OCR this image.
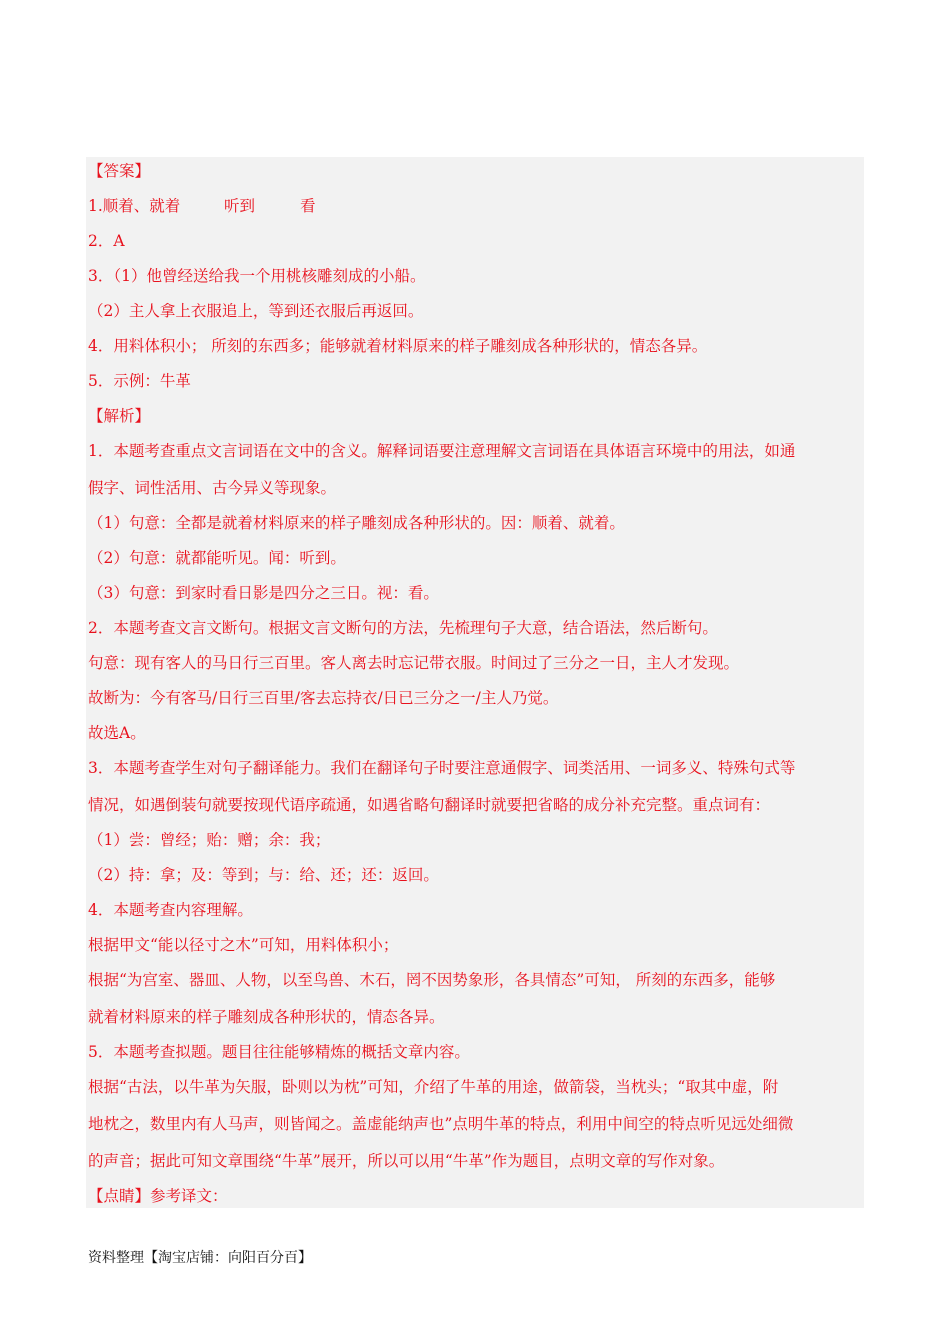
【答案】
1.顺着、就着	听到	看
2．A
3．（1）他曾经送给我一个用桃核雕刻成的小船。
（2）主人拿上衣服追上，等到还衣服后再返回。
4．用料体积小； 所刻的东西多；能够就着材料原来的样子雕刻成各种形状的，情态各异。
5．示例：牛革
【解析】
1．本题考查重点文言词语在文中的含义。解释词语要注意理解文言词语在具体语言环境中的用法，如通
假字、词性活用、古今异义等现象。
（1）句意：全都是就着材料原来的样子雕刻成各种形状的。因：顺着、就着。
（2）句意：就都能听见。闻：听到。
（3）句意：到家时看日影是四分之三日。视：看。
2．本题考查文言文断句。根据文言文断句的方法，先梳理句子大意，结合语法，然后断句。
句意：现有客人的马日行三百里。客人离去时忘记带衣服。时间过了三分之一日，主人才发现。
故断为：今有客马/日行三百里/客去忘持衣/日已三分之一/主人乃觉。
故选A。
3．本题考查学生对句子翻译能力。我们在翻译句子时要注意通假字、词类活用、一词多义、特殊句式等
情况，如遇倒装句就要按现代语序疏通，如遇省略句翻译时就要把省略的成分补充完整。重点词有：
（1）尝：曾经；贻：赠；余：我；
（2）持：拿；及：等到；与：给、还；还：返回。
4．本题考查内容理解。
根据甲文“能以径寸之木”可知，用料体积小；
根据“为宫室、器皿、人物，以至鸟兽、木石，罔不因势象形，各具情态”可知， 所刻的东西多，能够
就着材料原来的样子雕刻成各种形状的，情态各异。
5．本题考查拟题。题目往往能够精炼的概括文章内容。
根据“古法，以牛革为矢服，卧则以为枕”可知，介绍了牛革的用途，做箭袋，当枕头；“取其中虚，附
地枕之，数里内有人马声，则皆闻之。盖虚能纳声也”点明牛革的特点，利用中间空的特点听见远处细微
的声音；据此可知文章围绕“牛革”展开，所以可以用“牛革”作为题目，点明文章的写作对象。
【点睛】参考译文：
资料整理【淘宝店铺：向阳百分百】
